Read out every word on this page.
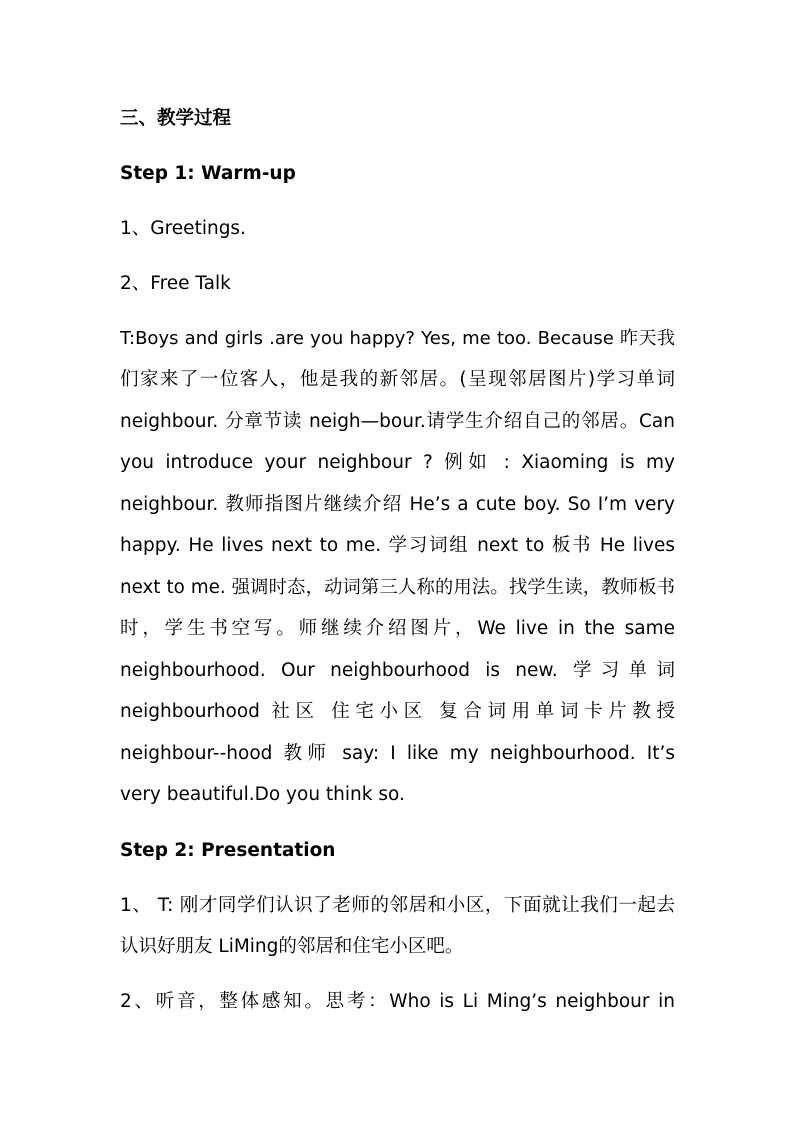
三、教学过程
Step 1: Warm-up
1、Greetings.
2、Free Talk
T:Boys and girls .are you happy? Yes, me too. Because 昨天我
们家来了一位客人，他是我的新邻居。(呈现邻居图片)学习单词
neighbour. 分章节读 neigh—bour.请学生介绍自己的邻居。Can
you introduce your neighbour ? 例如 : Xiaoming is my
neighbour. 教师指图片继续介绍 He’s a cute boy. So I’m very
happy. He lives next to me. 学习词组 next to 板书 He lives
next to me. 强调时态，动词第三人称的用法。找学生读，教师板书
时，学生书空写。师继续介绍图片，We live in the same
neighbourhood. Our neighbourhood is new. 学习单词
neighbourhood 社区 住宅小区 复合词用单词卡片教授
neighbour--hood 教师 say: I like my neighbourhood. It’s
very beautiful.Do you think so.
Step 2: Presentation
1、 T: 刚才同学们认识了老师的邻居和小区，下面就让我们一起去
认识好朋友 LiMing的邻居和住宅小区吧。
2、听音，整体感知。思考：Who is Li Ming’s neighbour in
